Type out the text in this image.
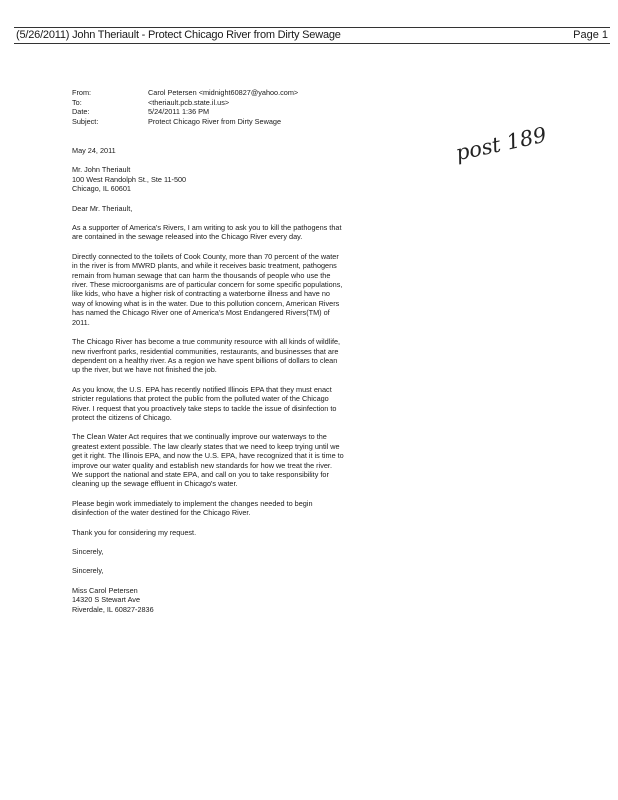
(5/26/2011) John Theriault - Protect Chicago River from Dirty Sewage	Page 1
From:	Carol Petersen <midnight60827@yahoo.com>
To:	<theriault.pcb.state.il.us>
Date:	5/24/2011 1:36 PM
Subject:	Protect Chicago River from Dirty Sewage
post 189

May 24, 2011

Mr. John Theriault
100 West Randolph St., Ste 11-500
Chicago, IL 60601

Dear Mr. Theriault,

As a supporter of America's Rivers, I am writing to ask you to kill the pathogens that are contained in the sewage released into the Chicago River every day.

Directly connected to the toilets of Cook County, more than 70 percent of the water in the river is from MWRD plants, and while it receives basic treatment, pathogens remain from human sewage that can harm the thousands of people who use the river. These microorganisms are of particular concern for some specific populations, like kids, who have a higher risk of contracting a waterborne illness and have no way of knowing what is in the water. Due to this pollution concern, American Rivers has named the Chicago River one of America's Most Endangered Rivers(TM) of 2011.

The Chicago River has become a true community resource with all kinds of wildlife, new riverfront parks, residential communities, restaurants, and businesses that are dependent on a healthy river. As a region we have spent billions of dollars to clean up the river, but we have not finished the job.

As you know, the U.S. EPA has recently notified Illinois EPA that they must enact stricter regulations that protect the public from the polluted water of the Chicago River. I request that you proactively take steps to tackle the issue of disinfection to protect the citizens of Chicago.

The Clean Water Act requires that we continually improve our waterways to the greatest extent possible. The law clearly states that we need to keep trying until we get it right. The Illinois EPA, and now the U.S. EPA, have recognized that it is time to improve our water quality and establish new standards for how we treat the river. We support the national and state EPA, and call on you to take responsibility for cleaning up the sewage effluent in Chicago's water.

Please begin work immediately to implement the changes needed to begin disinfection of the water destined for the Chicago River.

Thank you for considering my request.

Sincerely,

Sincerely,

Miss Carol Petersen
14320 S Stewart Ave
Riverdale, IL 60827-2836
